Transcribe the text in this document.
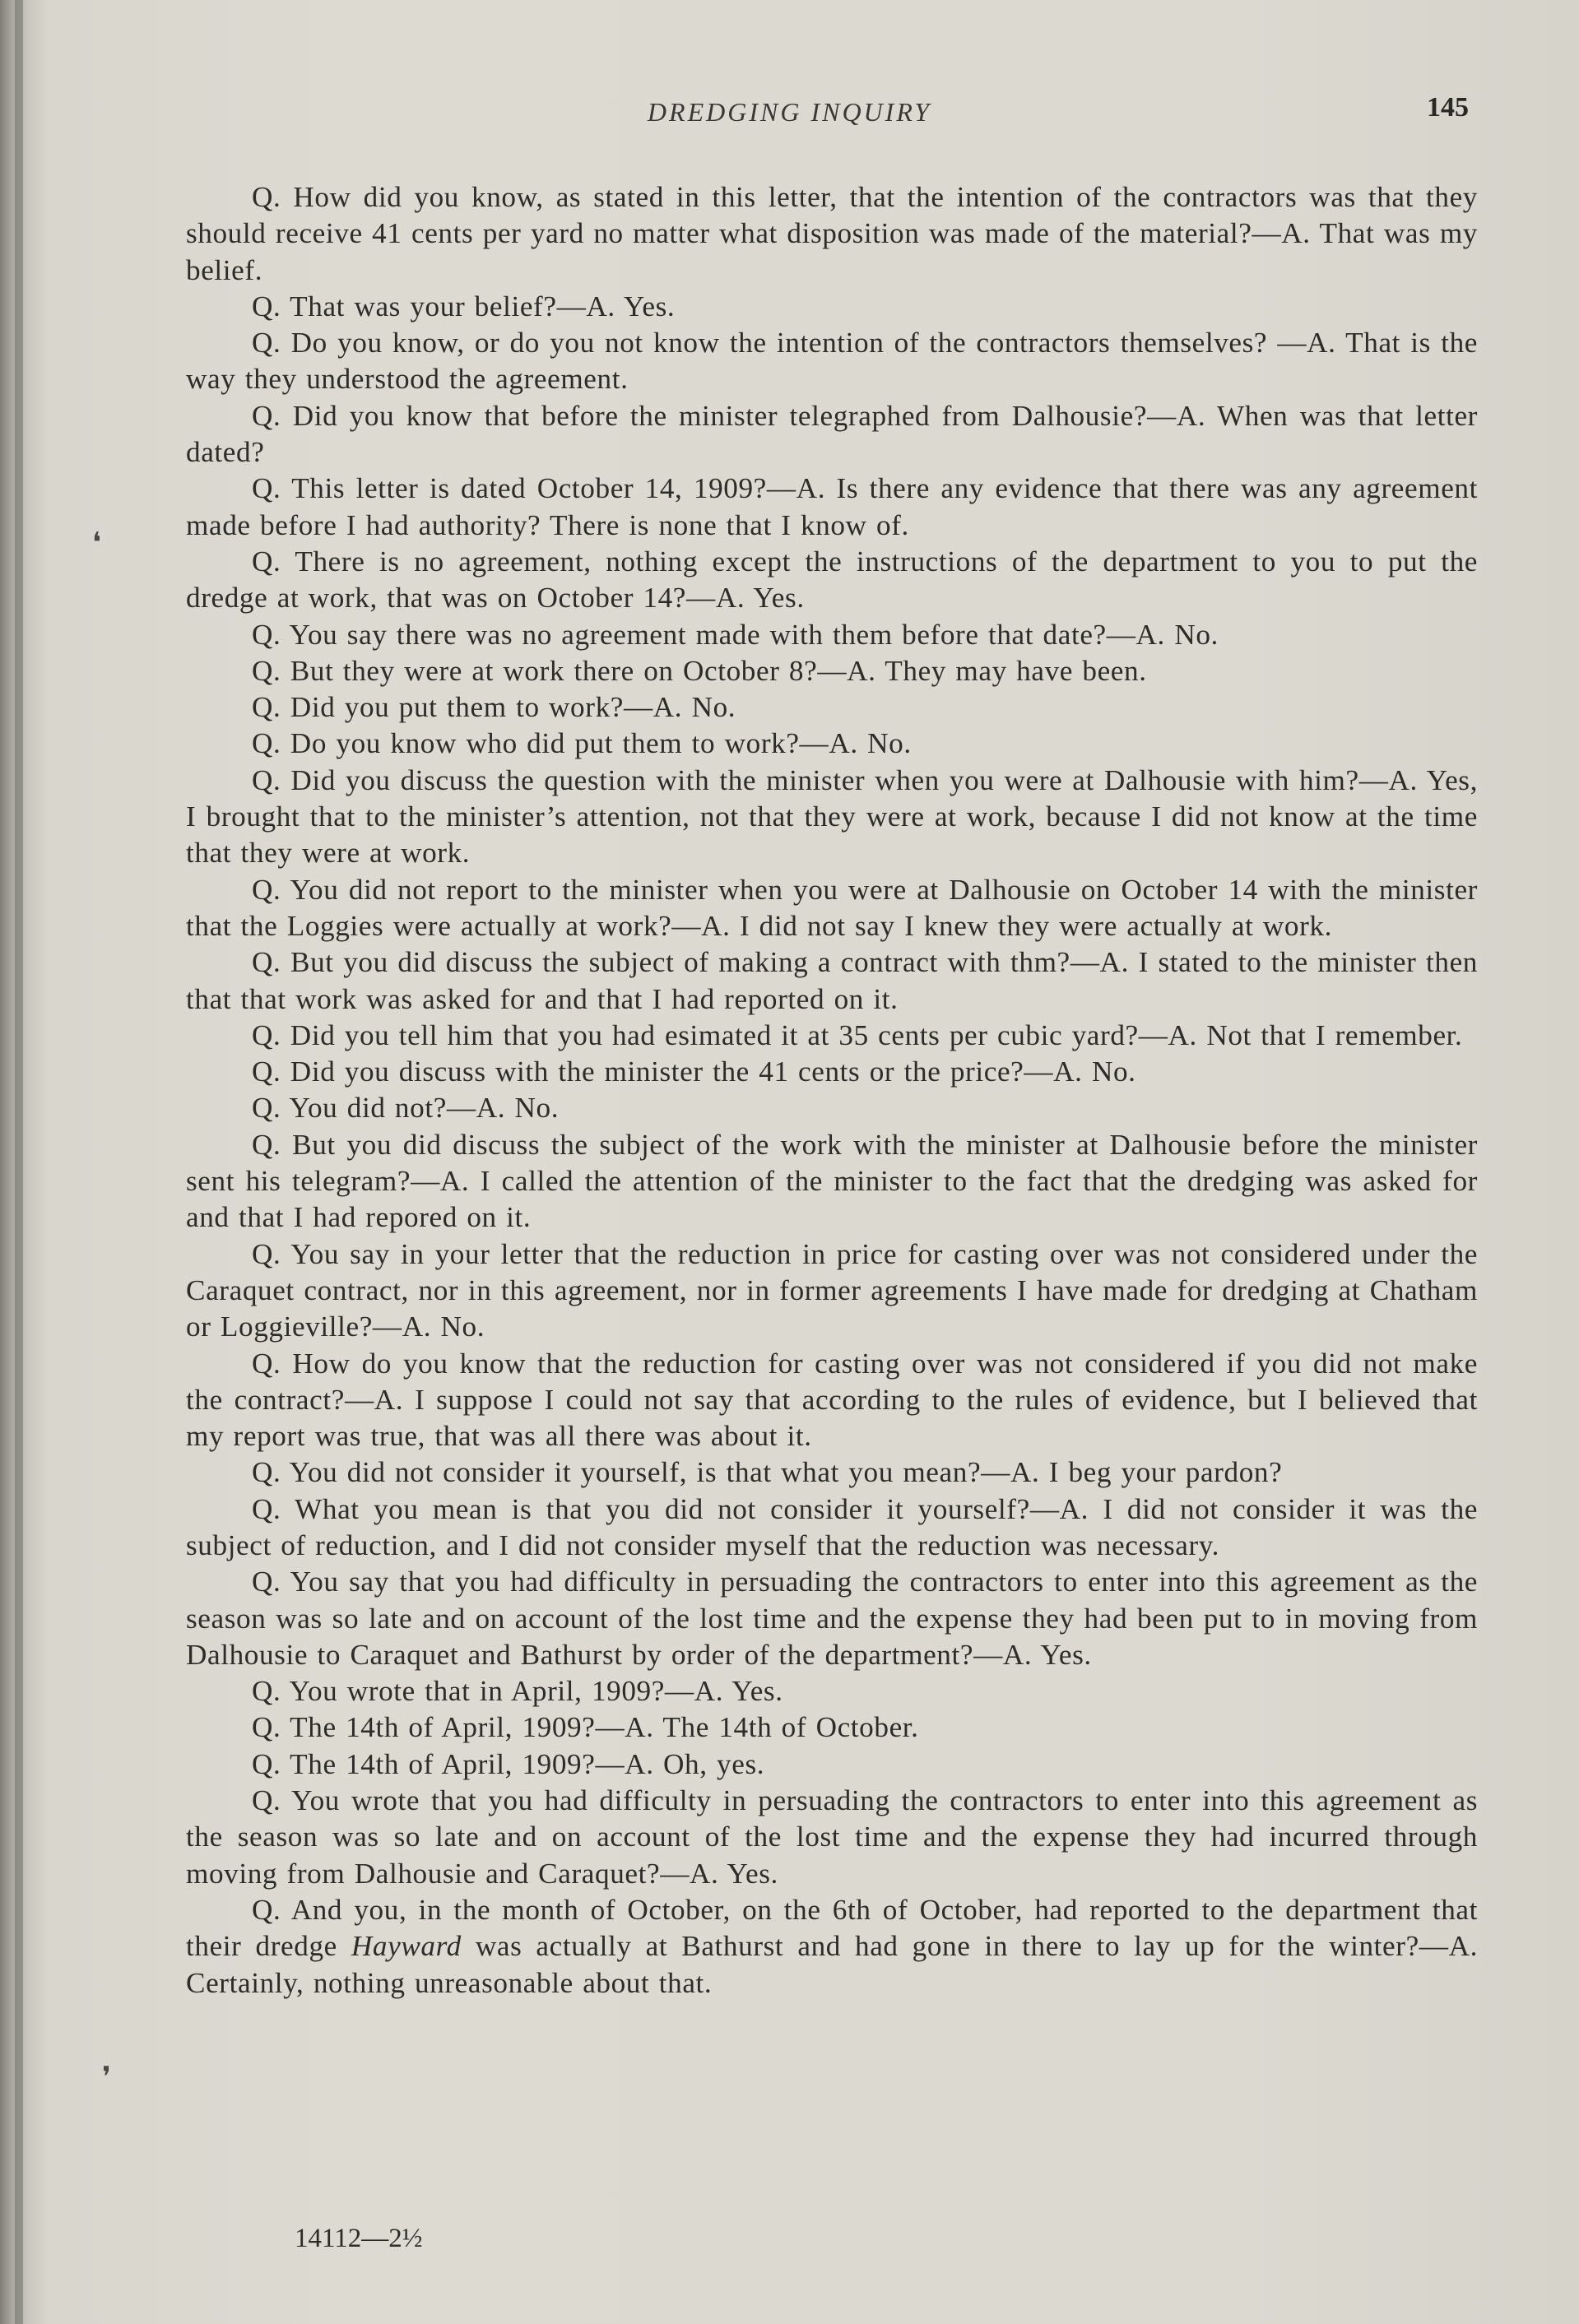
DREDGING INQUIRY	145
❛
❜

Q. How did you know, as stated in this letter, that the intention of the contractors was that they should receive 41 cents per yard no matter what disposition was made of the material?—A. That was my belief.

Q. That was your belief?—A. Yes.

Q. Do you know, or do you not know the intention of the contractors themselves? —A. That is the way they understood the agreement.

Q. Did you know that before the minister telegraphed from Dalhousie?—A. When was that letter dated?

Q. This letter is dated October 14, 1909?—A. Is there any evidence that there was any agreement made before I had authority? There is none that I know of.

Q. There is no agreement, nothing except the instructions of the department to you to put the dredge at work, that was on October 14?—A. Yes.

Q. You say there was no agreement made with them before that date?—A. No.

Q. But they were at work there on October 8?—A. They may have been.

Q. Did you put them to work?—A. No.

Q. Do you know who did put them to work?—A. No.

Q. Did you discuss the question with the minister when you were at Dalhousie with him?—A. Yes, I brought that to the minister’s attention, not that they were at work, because I did not know at the time that they were at work.

Q. You did not report to the minister when you were at Dalhousie on October 14 with the minister that the Loggies were actually at work?—A. I did not say I knew they were actually at work.

Q. But you did discuss the subject of making a contract with thm?—A. I stated to the minister then that that work was asked for and that I had reported on it.

Q. Did you tell him that you had esimated it at 35 cents per cubic yard?—A. Not that I remember.

Q. Did you discuss with the minister the 41 cents or the price?—A. No.

Q. You did not?—A. No.

Q. But you did discuss the subject of the work with the minister at Dalhousie before the minister sent his telegram?—A. I called the attention of the minister to the fact that the dredging was asked for and that I had repored on it.

Q. You say in your letter that the reduction in price for casting over was not considered under the Caraquet contract, nor in this agreement, nor in former agreements I have made for dredging at Chatham or Loggieville?—A. No.

Q. How do you know that the reduction for casting over was not considered if you did not make the contract?—A. I suppose I could not say that according to the rules of evidence, but I believed that my report was true, that was all there was about it.

Q. You did not consider it yourself, is that what you mean?—A. I beg your pardon?

Q. What you mean is that you did not consider it yourself?—A. I did not consider it was the subject of reduction, and I did not consider myself that the reduction was necessary.

Q. You say that you had difficulty in persuading the contractors to enter into this agreement as the season was so late and on account of the lost time and the expense they had been put to in moving from Dalhousie to Caraquet and Bathurst by order of the department?—A. Yes.

Q. You wrote that in April, 1909?—A. Yes.

Q. The 14th of April, 1909?—A. The 14th of October.

Q. The 14th of April, 1909?—A. Oh, yes.

Q. You wrote that you had difficulty in persuading the contractors to enter into this agreement as the season was so late and on account of the lost time and the expense they had incurred through moving from Dalhousie and Caraquet?—A. Yes.

Q. And you, in the month of October, on the 6th of October, had reported to the department that their dredge Hayward was actually at Bathurst and had gone in there to lay up for the winter?—A. Certainly, nothing unreasonable about that.

14112—2½
